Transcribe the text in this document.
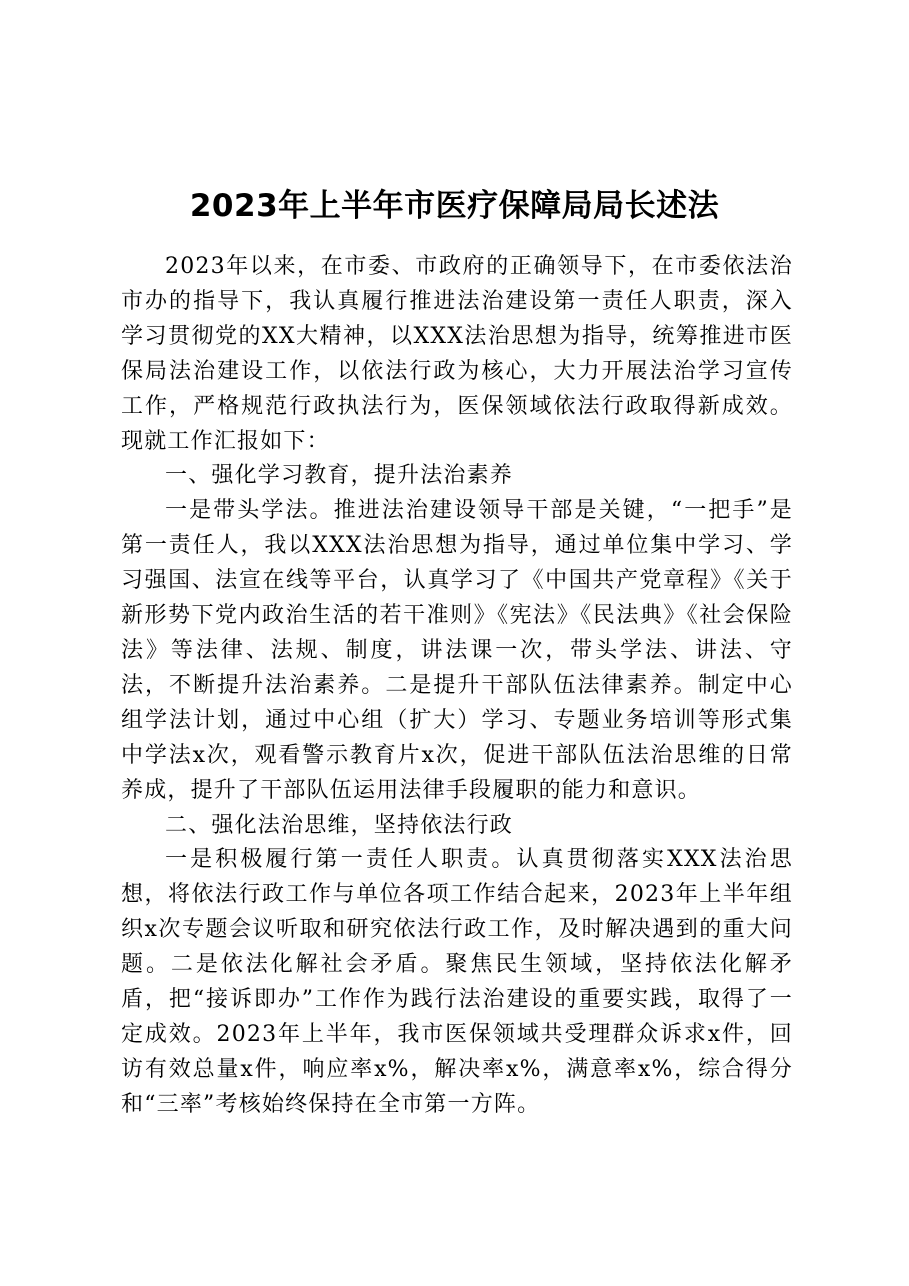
2023年上半年市医疗保障局局长述法

2023年以来，在市委、市政府的正确领导下，在市委依法治市办的指导下，我认真履行推进法治建设第一责任人职责，深入学习贯彻党的XX大精神，以XXX法治思想为指导，统筹推进市医保局法治建设工作，以依法行政为核心，大力开展法治学习宣传工作，严格规范行政执法行为，医保领域依法行政取得新成效。现就工作汇报如下：

一、强化学习教育，提升法治素养

一是带头学法。推进法治建设领导干部是关键，“一把手”是第一责任人，我以XXX法治思想为指导，通过单位集中学习、学习强国、法宣在线等平台，认真学习了《中国共产党章程》《关于新形势下党内政治生活的若干准则》《宪法》《民法典》《社会保险法》等法律、法规、制度，讲法课一次，带头学法、讲法、守法，不断提升法治素养。二是提升干部队伍法律素养。制定中心组学法计划，通过中心组（扩大）学习、专题业务培训等形式集中学法x次，观看警示教育片x次，促进干部队伍法治思维的日常养成，提升了干部队伍运用法律手段履职的能力和意识。

二、强化法治思维，坚持依法行政

一是积极履行第一责任人职责。认真贯彻落实XXX法治思想，将依法行政工作与单位各项工作结合起来，2023年上半年组织x次专题会议听取和研究依法行政工作，及时解决遇到的重大问题。二是依法化解社会矛盾。聚焦民生领域，坚持依法化解矛盾，把“接诉即办”工作作为践行法治建设的重要实践，取得了一定成效。2023年上半年，我市医保领域共受理群众诉求x件，回访有效总量x件，响应率x%，解决率x%，满意率x%，综合得分和“三率”考核始终保持在全市第一方阵。
